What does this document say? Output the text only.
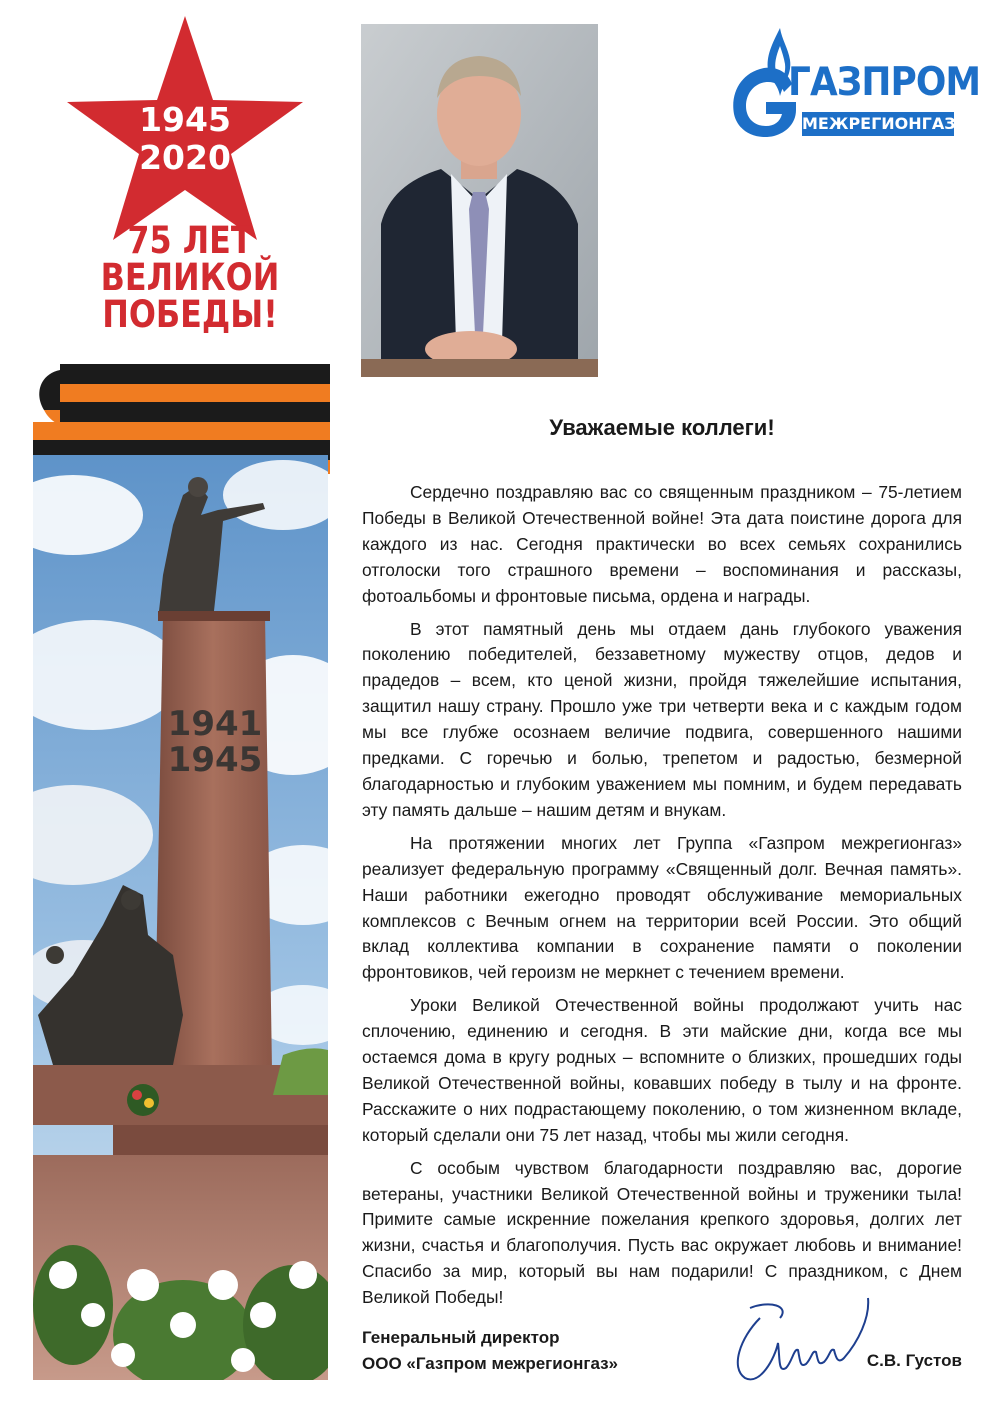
1945
2020
75 ЛЕТ
ВЕЛИКОЙ
ПОБЕДЫ!
1941
1945
ГАЗПРОМ
МЕЖРЕГИОНГАЗ
Уважаемые коллеги!

Сердечно поздравляю вас со священным праздником – 75-летием Победы в Великой Отечественной войне! Эта дата поистине дорога для каждого из нас. Сегодня практически во всех семьях сохранились отголоски того страшного времени – воспоминания и рассказы, фотоальбомы и фронтовые письма, ордена и награды.

В этот памятный день мы отдаем дань глубокого уважения поколению победителей, беззаветному мужеству отцов, дедов и прадедов – всем, кто ценой жизни, пройдя тяжелейшие испытания, защитил нашу страну. Прошло уже три четверти века и с каждым годом мы все глубже осознаем величие подвига, совершенного нашими предками. С горечью и болью, трепетом и радостью, безмерной благодарностью и глубоким уважением мы помним, и будем передавать эту память дальше – нашим детям и внукам.

На протяжении многих лет Группа «Газпром межрегионгаз» реализует федеральную программу «Священный долг. Вечная память». Наши работники ежегодно проводят обслуживание мемориальных комплексов с Вечным огнем на территории всей России. Это общий вклад коллектива компании в сохранение памяти о поколении фронтовиков, чей героизм не меркнет с течением времени.

Уроки Великой Отечественной войны продолжают учить нас сплочению, единению и сегодня. В эти майские дни, когда все мы остаемся дома в кругу родных – вспомните о близких, прошедших годы Великой Отечественной войны, ковавших победу в тылу и на фронте. Расскажите о них подрастающему поколению, о том жизненном вкладе, который сделали они 75 лет назад, чтобы мы жили сегодня.

С особым чувством благодарности поздравляю вас, дорогие ветераны, участники Великой Отечественной войны и труженики тыла! Примите самые искренние пожелания крепкого здоровья, долгих лет жизни, счастья и благополучия. Пусть вас окружает любовь и внимание! Спасибо за мир, который вы нам подарили! С праздником, с Днем Великой Победы!

Генеральный директор
ООО «Газпром межрегионгаз»	С.В. Густов
